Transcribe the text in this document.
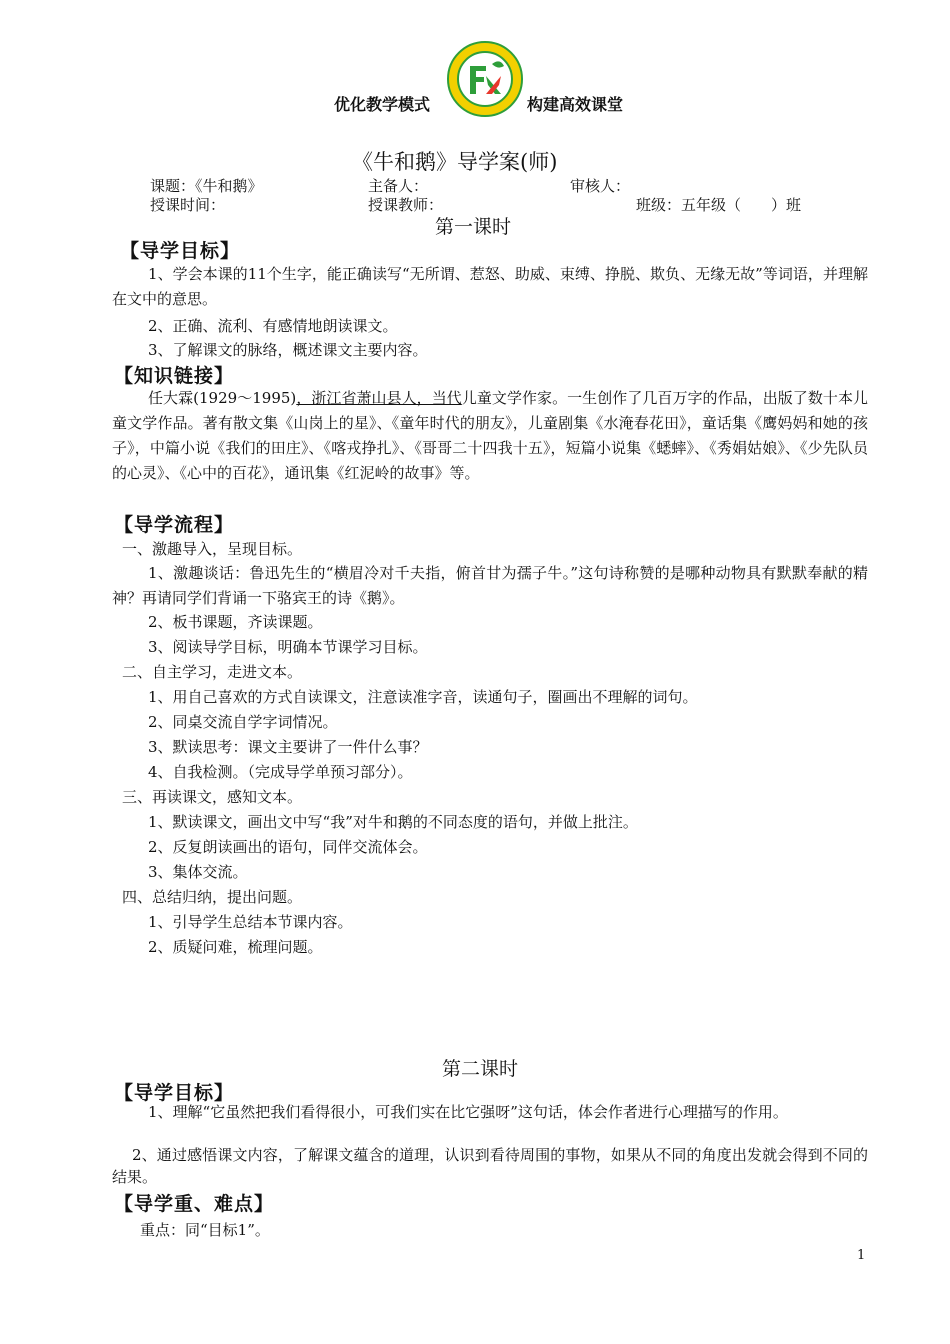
优化教学模式	构建高效课堂
《牛和鹅》导学案(师)
课题：《牛和鹅》	主备人：	审核人：
授课时间：	授课教师：	班级：五年级（　　）班
第一课时
【导学目标】
1、学会本课的11个生字，能正确读写“无所谓、惹怒、助威、束缚、挣脱、欺负、无缘无故”等词语，并理解在文中的意思。
2、正确、流利、有感情地朗读课文。
3、了解课文的脉络，概述课文主要内容。
【知识链接】
任大霖(1929～1995)，浙江省萧山县人，当代儿童文学作家。一生创作了几百万字的作品，出版了数十本儿童文学作品。著有散文集《山岗上的星》、《童年时代的朋友》，儿童剧集《水淹春花田》，童话集《鹰妈妈和她的孩子》，中篇小说《我们的田庄》、《喀戎挣扎》、《哥哥二十四我十五》，短篇小说集《蟋蟀》、《秀娟姑娘》、《少先队员的心灵》、《心中的百花》，通讯集《红泥岭的故事》等。
【导学流程】
一、激趣导入，呈现目标。
1、激趣谈话：鲁迅先生的“横眉冷对千夫指，俯首甘为孺子牛。”这句诗称赞的是哪种动物具有默默奉献的精神？再请同学们背诵一下骆宾王的诗《鹅》。
2、板书课题，齐读课题。
3、阅读导学目标，明确本节课学习目标。
二、自主学习，走进文本。
1、用自己喜欢的方式自读课文，注意读准字音，读通句子，圈画出不理解的词句。
2、同桌交流自学字词情况。
3、默读思考：课文主要讲了一件什么事？
4、自我检测。（完成导学单预习部分）。
三、再读课文，感知文本。
1、默读课文，画出文中写“我”对牛和鹅的不同态度的语句，并做上批注。
2、反复朗读画出的语句，同伴交流体会。
3、集体交流。
四、总结归纳，提出问题。
1、引导学生总结本节课内容。
2、质疑问难，梳理问题。
第二课时
【导学目标】
1、理解“它虽然把我们看得很小，可我们实在比它强呀”这句话，体会作者进行心理描写的作用。
2、通过感悟课文内容，了解课文蕴含的道理，认识到看待周围的事物，如果从不同的角度出发就会得到不同的结果。
【导学重、难点】
重点：同“目标1”。
1
